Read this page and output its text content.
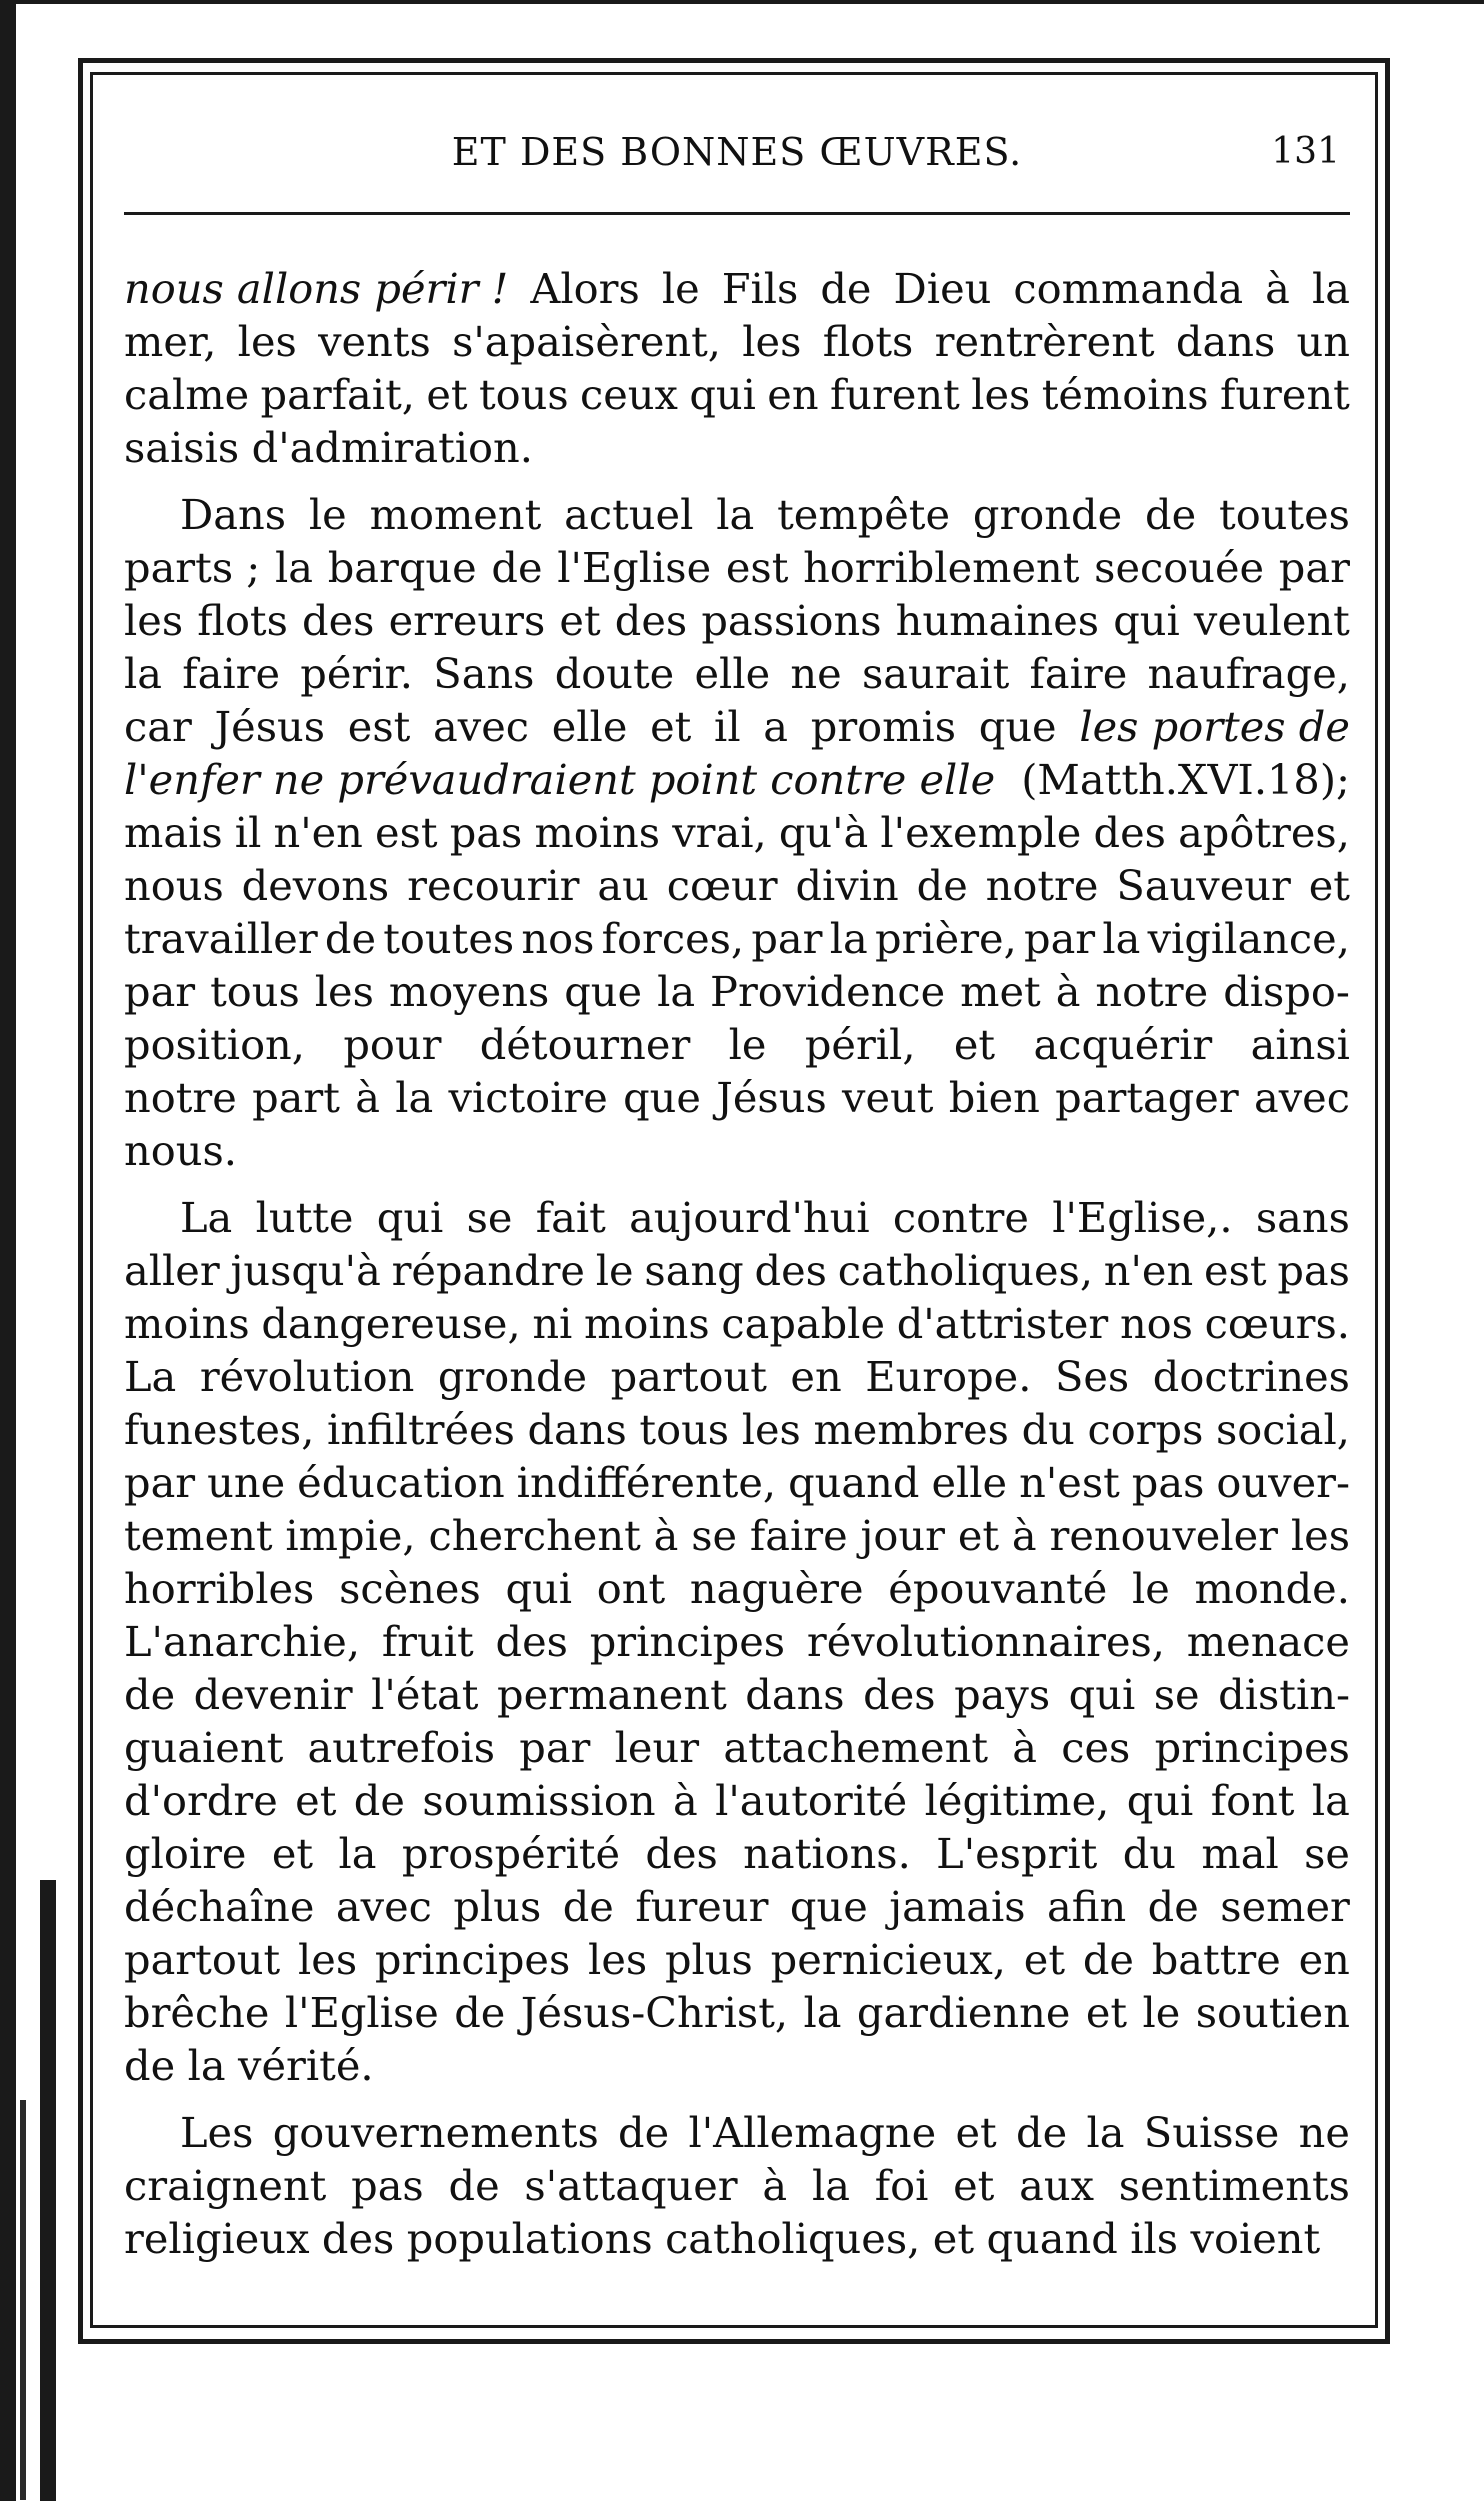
ET DES BONNES ŒUVRES.	131
nous allons périr ! Alors le Fils de Dieu commanda à la
mer, les vents s'apaisèrent, les flots rentrèrent dans un
calme parfait, et tous ceux qui en furent les témoins furent
saisis d'admiration.
Dans le moment actuel la tempête gronde de toutes
parts ; la barque de l'Eglise est horriblement secouée par
les flots des erreurs et des passions humaines qui veulent
la faire périr. Sans doute elle ne saurait faire naufrage,
car Jésus est avec elle et il a promis que les portes de
l'enfer ne prévaudraient point contre elle (Matth.XVI.18);
mais il n'en est pas moins vrai, qu'à l'exemple des apôtres,
nous devons recourir au cœur divin de notre Sauveur et
travailler de toutes nos forces, par la prière, par la vigilance,
par tous les moyens que la Providence met à notre dispo-
position, pour détourner le péril, et acquérir ainsi
notre part à la victoire que Jésus veut bien partager avec
nous.
La lutte qui se fait aujourd'hui contre l'Eglise,. sans
aller jusqu'à répandre le sang des catholiques, n'en est pas
moins dangereuse, ni moins capable d'attrister nos cœurs.
La révolution gronde partout en Europe. Ses doctrines
funestes, infiltrées dans tous les membres du corps social,
par une éducation indifférente, quand elle n'est pas ouver-
tement impie, cherchent à se faire jour et à renouveler les
horribles scènes qui ont naguère épouvanté le monde.
L'anarchie, fruit des principes révolutionnaires, menace
de devenir l'état permanent dans des pays qui se distin-
guaient autrefois par leur attachement à ces principes
d'ordre et de soumission à l'autorité légitime, qui font la
gloire et la prospérité des nations. L'esprit du mal se
déchaîne avec plus de fureur que jamais afin de semer
partout les principes les plus pernicieux, et de battre en
brêche l'Eglise de Jésus-Christ, la gardienne et le soutien
de la vérité.
Les gouvernements de l'Allemagne et de la Suisse ne
craignent pas de s'attaquer à la foi et aux sentiments
religieux des populations catholiques, et quand ils voient
